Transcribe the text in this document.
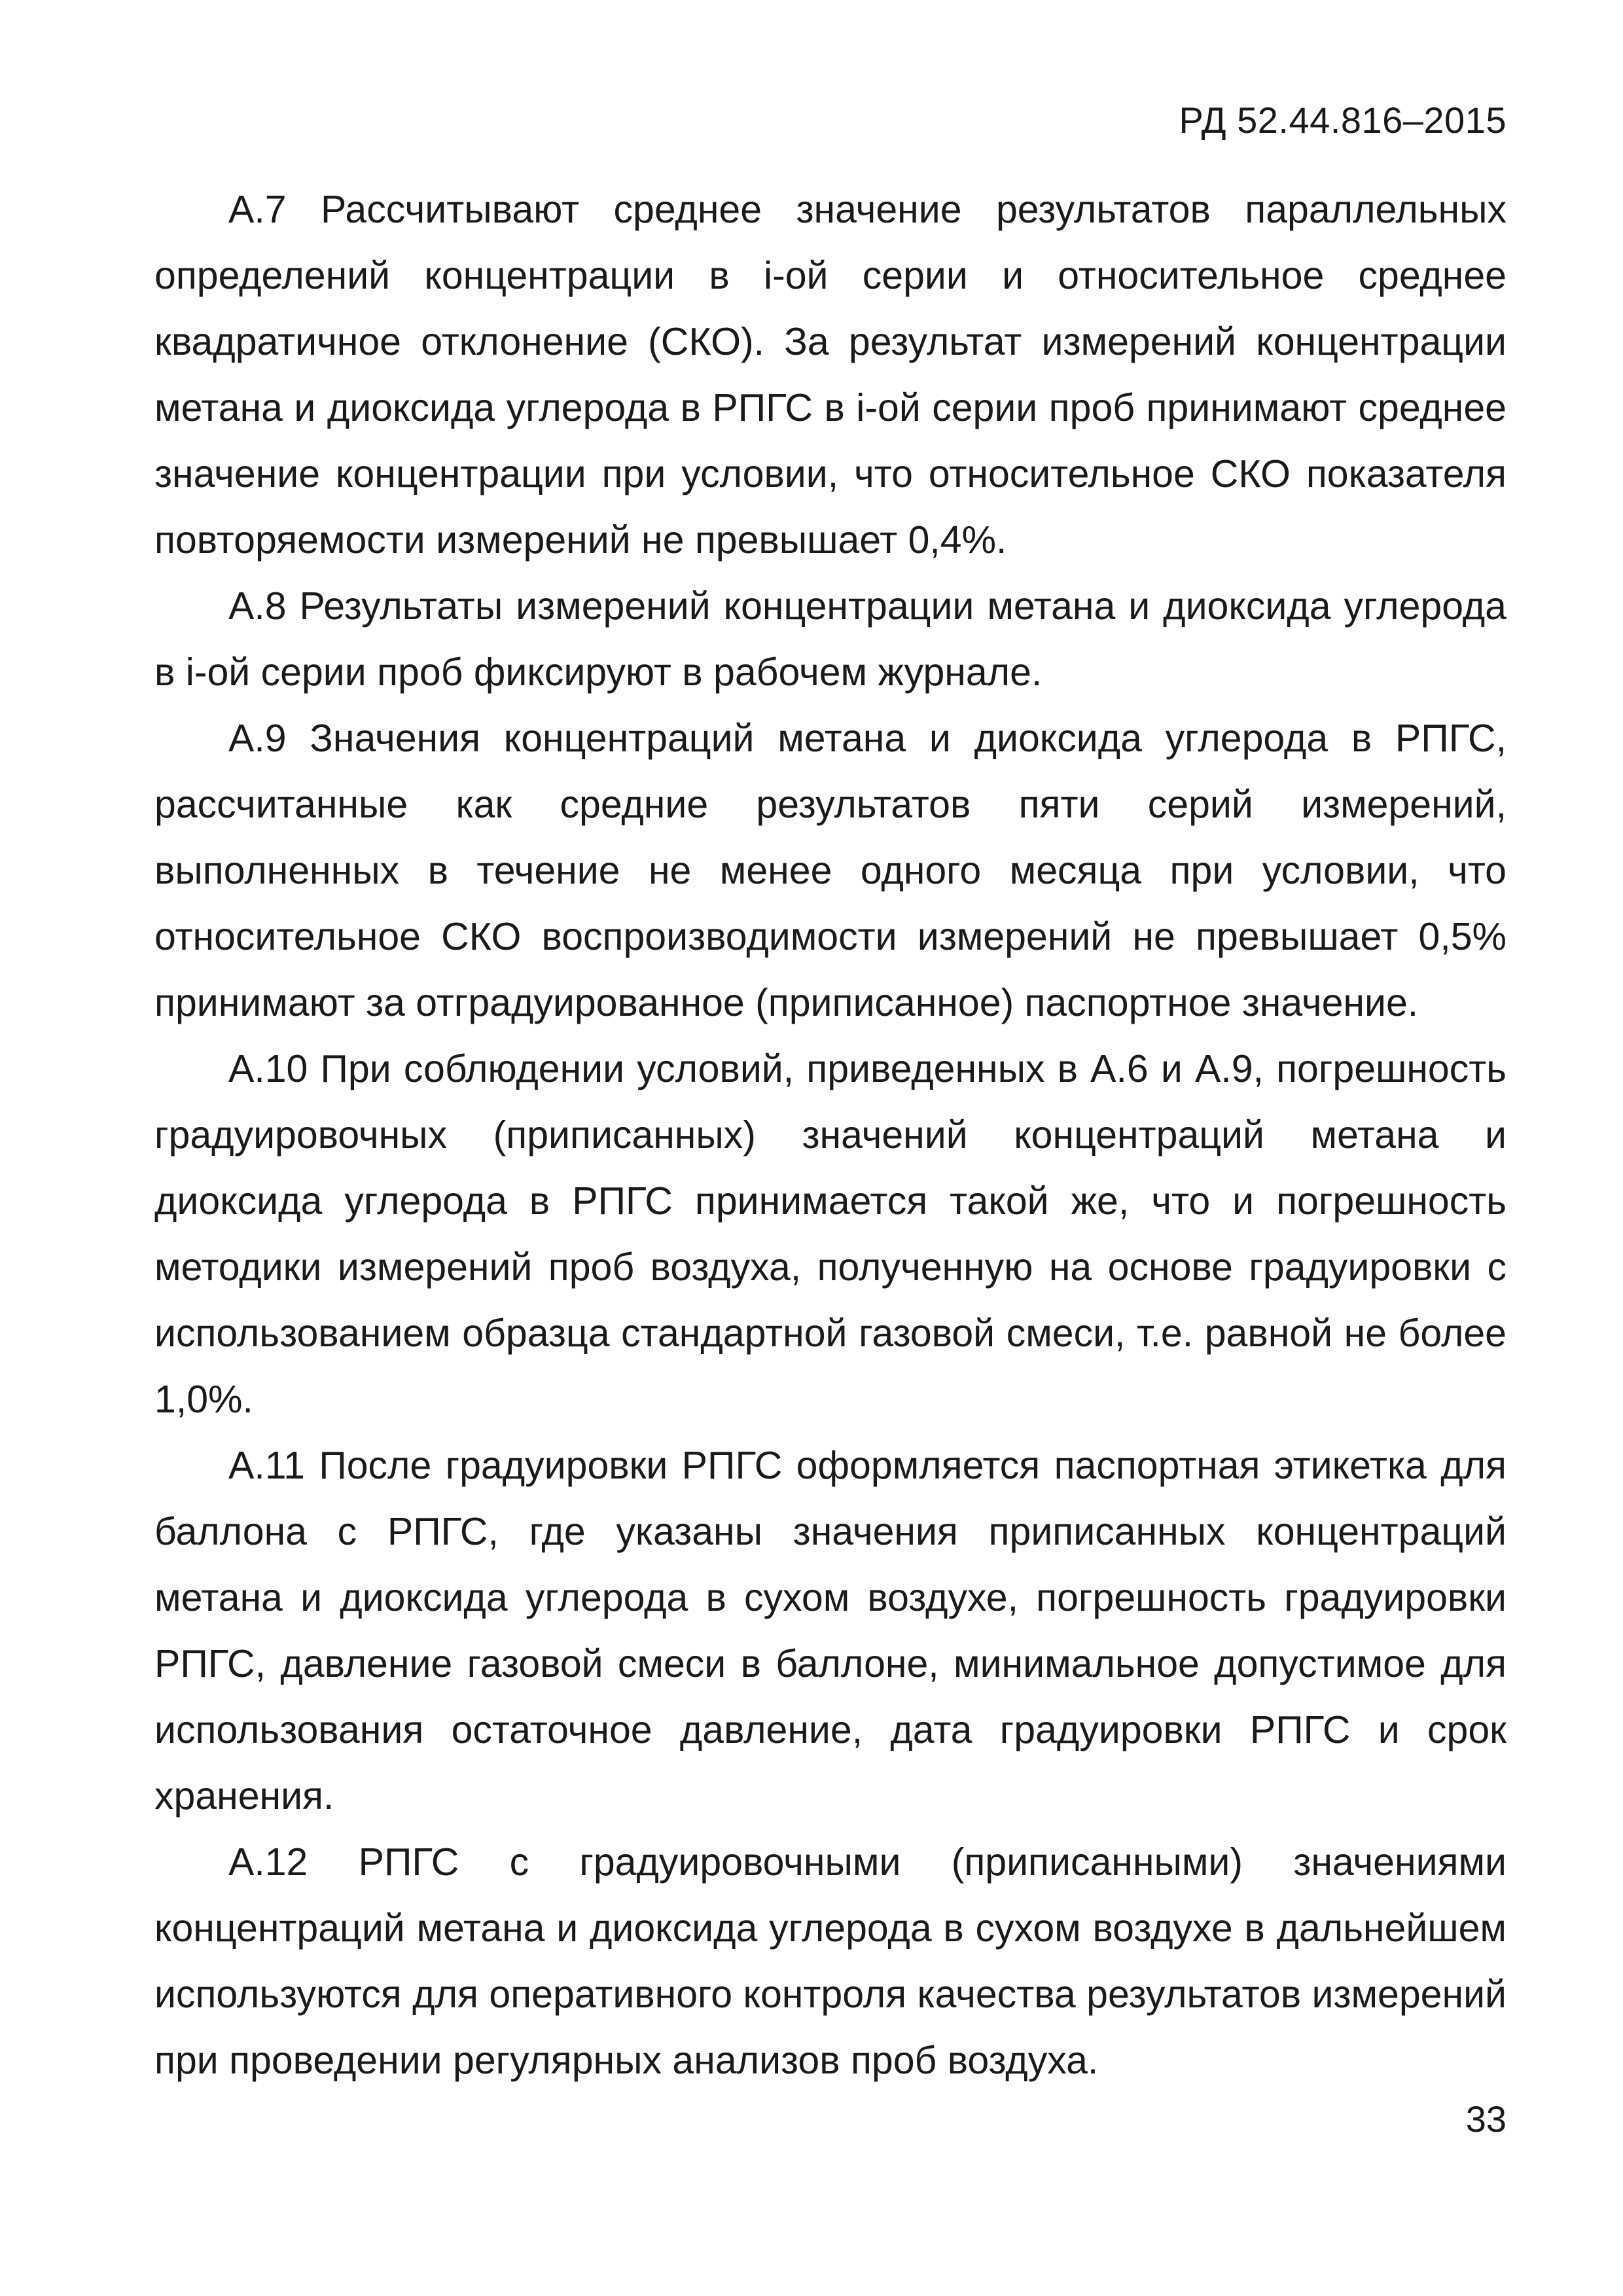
РД 52.44.816–2015

А.7 Рассчитывают среднее значение результатов параллельных определений концентрации в i-ой серии и относительное среднее квадратичное отклонение (СКО). За результат измерений концентрации метана и диоксида углерода в РПГС в i-ой серии проб принимают среднее значение концентрации при условии, что относительное СКО показателя повторяемости измерений не превышает 0,4%.

А.8 Результаты измерений концентрации метана и диоксида углерода в i-ой серии проб фиксируют в рабочем журнале.

А.9 Значения концентраций метана и диоксида углерода в РПГС, рассчитанные как средние результатов пяти серий измерений, выполненных в течение не менее одного месяца при условии, что относительное СКО воспроизводимости измерений не превышает 0,5% принимают за отградуированное (приписанное) паспортное значение.

А.10 При соблюдении условий, приведенных в А.6 и А.9, погрешность градуировочных (приписанных) значений концентраций метана и диоксида углерода в РПГС принимается такой же, что и погрешность методики измерений проб воздуха, полученную на основе градуировки с использованием образца стандартной газовой смеси, т.е. равной не более 1,0%.

А.11 После градуировки РПГС оформляется паспортная этикетка для баллона с РПГС, где указаны значения приписанных концентраций метана и диоксида углерода в сухом воздухе, погрешность градуировки РПГС, давление газовой смеси в баллоне, минимальное допустимое для использования остаточное давление, дата градуировки РПГС и срок хранения.

А.12 РПГС с градуировочными (приписанными) значениями концентраций метана и диоксида углерода в сухом воздухе в дальнейшем используются для оперативного контроля качества результатов измерений при проведении регулярных анализов проб воздуха.

33
